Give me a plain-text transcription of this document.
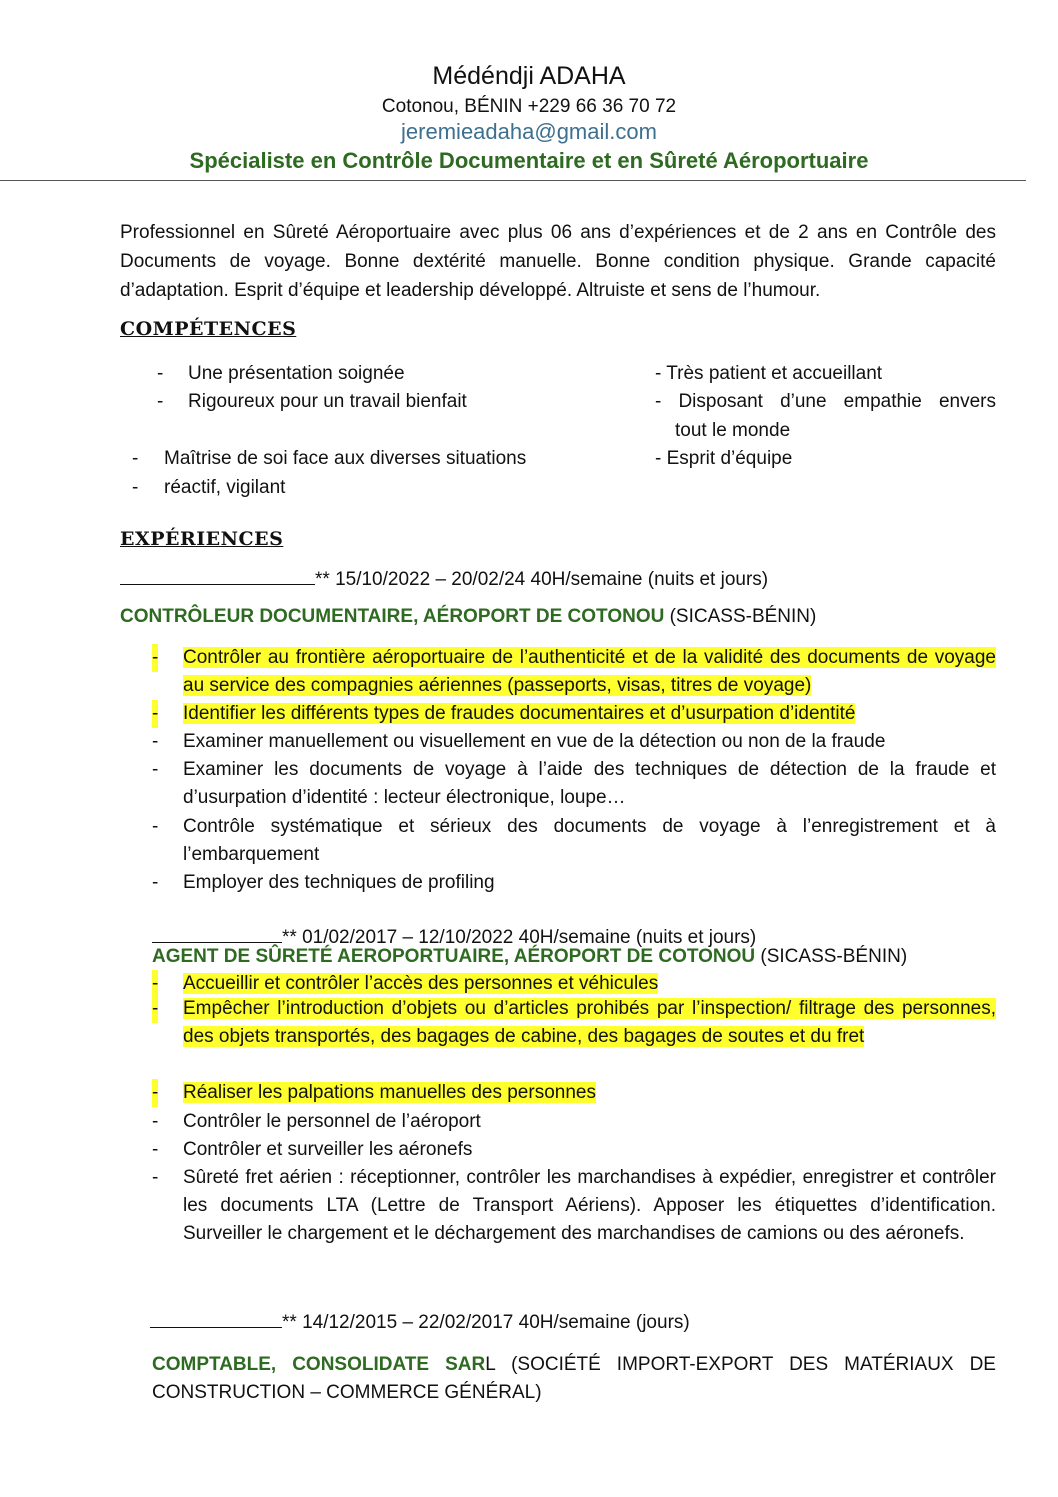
Médéndji ADAHA

Cotonou, BÉNIN +229 66 36 70 72

jeremieadaha@gmail.com

Spécialiste en Contrôle Documentaire et en Sûreté Aéroportuaire

Professionnel en Sûreté Aéroportuaire avec plus 06 ans d’expériences et de 2 ans en Contrôle des Documents de voyage. Bonne dextérité manuelle. Bonne condition physique. Grande capacité d’adaptation. Esprit d’équipe et leadership développé. Altruiste et sens de l’humour.

COMPÉTENCES

- Une présentation soignée
- Rigoureux pour un travail bienfait
- Maîtrise de soi face aux diverses situations
- réactif, vigilant
- Très patient et accueillant
- Disposant d’une empathie envers
tout le monde
- Esprit d’équipe

EXPÉRIENCES

** 15/10/2022 – 20/02/24 40H/semaine (nuits et jours)
CONTRÔLEUR DOCUMENTAIRE, AÉROPORT DE COTONOU (SICASS-BÉNIN)
- Contrôler au frontière aéroportuaire de l’authenticité et de la validité des documents de voyage au service des compagnies aériennes (passeports, visas, titres de voyage)
- Identifier les différents types de fraudes documentaires et d’usurpation d’identité
- Examiner manuellement ou visuellement en vue de la détection ou non de la fraude
- Examiner les documents de voyage à l’aide des techniques de détection de la fraude et d’usurpation d’identité : lecteur électronique, loupe…
- Contrôle systématique et sérieux des documents de voyage à l’enregistrement et à l’embarquement
- Employer des techniques de profiling
** 01/02/2017 – 12/10/2022 40H/semaine (nuits et jours)
AGENT DE SÛRETÉ AEROPORTUAIRE, AÉROPORT DE COTONOU (SICASS-BÉNIN)
- Accueillir et contrôler l’accès des personnes et véhicules
- Empêcher l’introduction d’objets ou d’articles prohibés par l’inspection/ filtrage des personnes, des objets transportés, des bagages de cabine, des bagages de soutes et du fret
- Réaliser les palpations manuelles des personnes
- Contrôler le personnel de l’aéroport
- Contrôler et surveiller les aéronefs
- Sûreté fret aérien : réceptionner, contrôler les marchandises à expédier, enregistrer et contrôler les documents LTA (Lettre de Transport Aériens). Apposer les étiquettes d’identification. Surveiller le chargement et le déchargement des marchandises de camions ou des aéronefs.
** 14/12/2015 – 22/02/2017 40H/semaine (jours)

COMPTABLE, CONSOLIDATE SARL (SOCIÉTÉ IMPORT-EXPORT DES MATÉRIAUX DE CONSTRUCTION – COMMERCE GÉNÉRAL)
